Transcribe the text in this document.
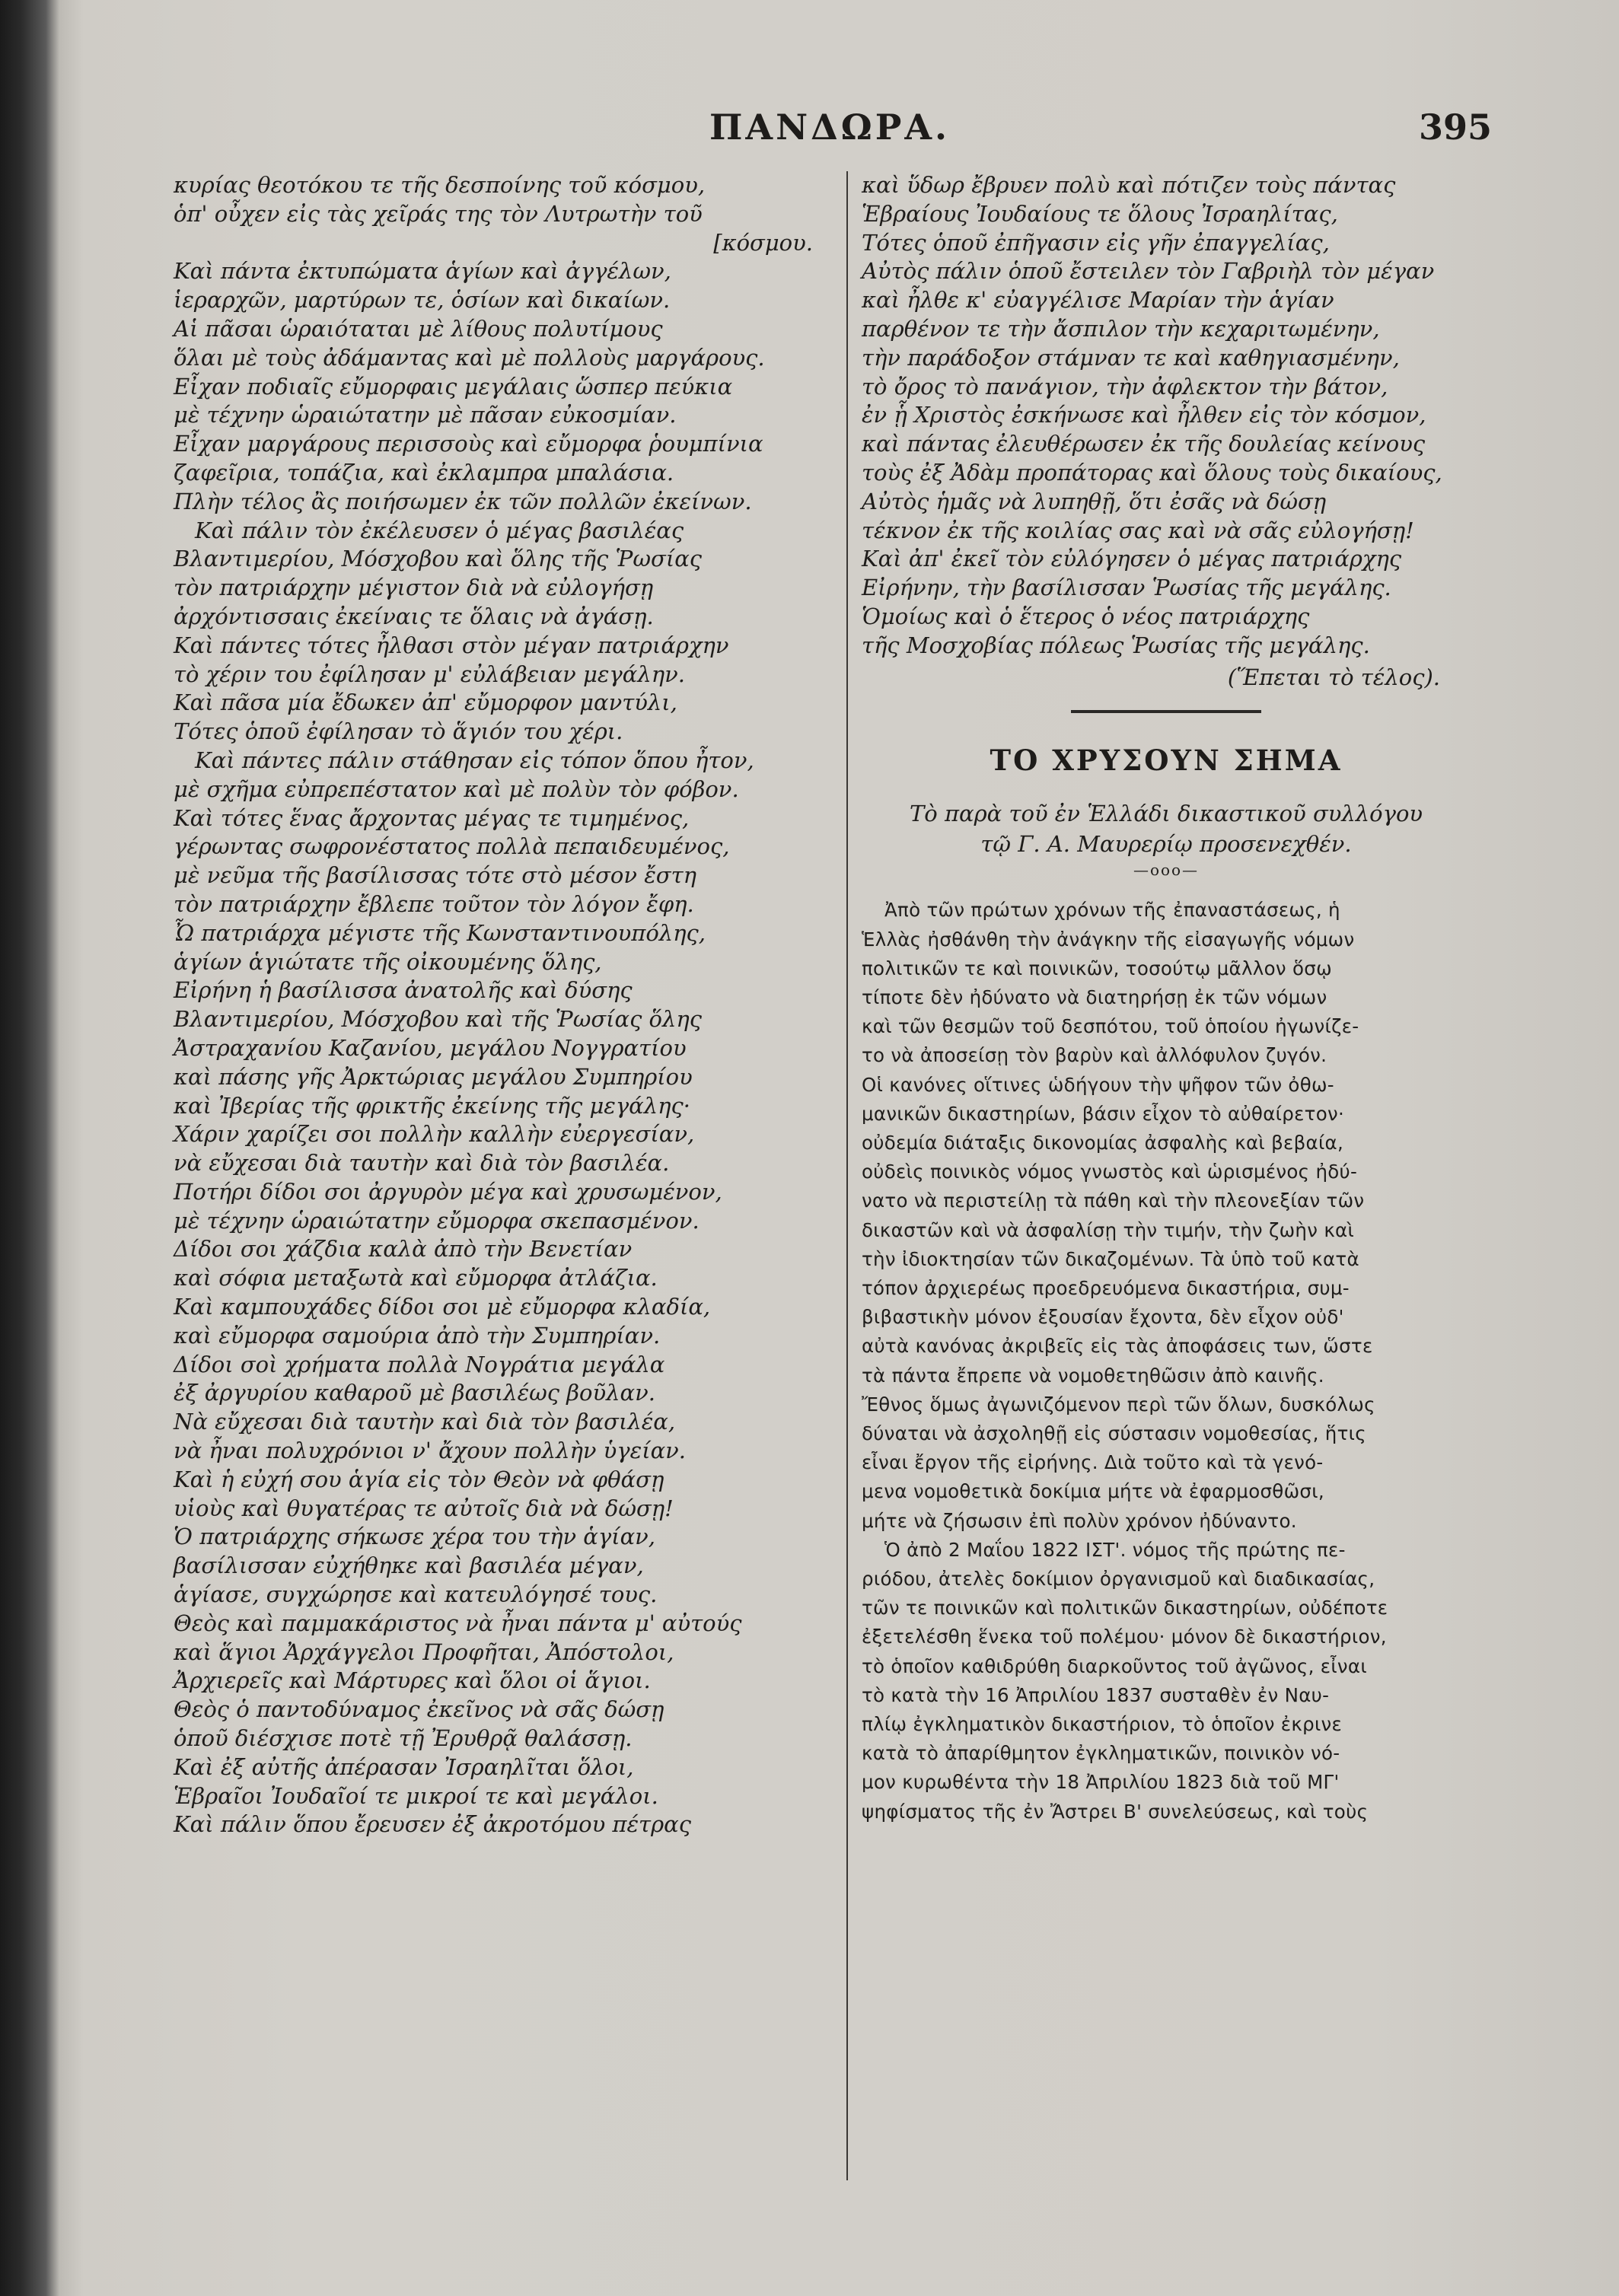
ΠΑΝΔΩΡΑ.	395

κυρίας θεοτόκου τε τῆς δεσποίνης τοῦ κόσμου,

ὁπ' οὖχεν εἰς τὰς χεῖράς της τὸν Λυτρωτὴν τοῦ

[κόσμου.

Καὶ πάντα ἐκτυπώματα ἁγίων καὶ ἀγγέλων,

ἱεραρχῶν, μαρτύρων τε, ὁσίων καὶ δικαίων.

Αἱ πᾶσαι ὡραιόταται μὲ λίθους πολυτίμους

ὅλαι μὲ τοὺς ἀδάμαντας καὶ μὲ πολλοὺς μαργάρους.

Εἶχαν ποδιαῖς εὔμορφαις μεγάλαις ὥσπερ πεύκια

μὲ τέχνην ὡραιώτατην μὲ πᾶσαν εὐκοσμίαν.

Εἶχαν μαργάρους περισσοὺς καὶ εὔμορφα ῥουμπίνια

ζαφεῖρια, τοπάζια, καὶ ἐκλαμπρα μπαλάσια.

Πλὴν τέλος ἂς ποιήσωμεν ἐκ τῶν πολλῶν ἐκείνων.

Καὶ πάλιν τὸν ἐκέλευσεν ὁ μέγας βασιλέας

Βλαντιμερίου, Μόσχοβου καὶ ὅλης τῆς Ῥωσίας

τὸν πατριάρχην μέγιστον διὰ νὰ εὐλογήσῃ

ἀρχόντισσαις ἐκείναις τε ὅλαις νὰ ἀγάσῃ.

Καὶ πάντες τότες ἦλθασι στὸν μέγαν πατριάρχην

τὸ χέριν του ἐφίλησαν μ' εὐλάβειαν μεγάλην.

Καὶ πᾶσα μία ἔδωκεν ἀπ' εὔμορφον μαντύλι,

Τότες ὁποῦ ἐφίλησαν τὸ ἅγιόν του χέρι.

Καὶ πάντες πάλιν στάθησαν εἰς τόπον ὅπου ἦτον,

μὲ σχῆμα εὐπρεπέστατον καὶ μὲ πολὺν τὸν φόβον.

Καὶ τότες ἕνας ἄρχοντας μέγας τε τιμημένος,

γέρωντας σωφρονέστατος πολλὰ πεπαιδευμένος,

μὲ νεῦμα τῆς βασίλισσας τότε στὸ μέσον ἔστη

τὸν πατριάρχην ἔβλεπε τοῦτον τὸν λόγον ἔφη.

Ὦ πατριάρχα μέγιστε τῆς Κωνσταντινουπόλης,

ἁγίων ἁγιώτατε τῆς οἰκουμένης ὅλης,

Εἰρήνη ἡ βασίλισσα ἀνατολῆς καὶ δύσης

Βλαντιμερίου, Μόσχοβου καὶ τῆς Ῥωσίας ὅλης

Ἀστραχανίου Καζανίου, μεγάλου Νογγρατίου

καὶ πάσης γῆς Ἀρκτώριας μεγάλου Συμπηρίου

καὶ Ἰβερίας τῆς φρικτῆς ἐκείνης τῆς μεγάλης·

Χάριν χαρίζει σοι πολλὴν καλλὴν εὐεργεσίαν,

νὰ εὔχεσαι διὰ ταυτὴν καὶ διὰ τὸν βασιλέα.

Ποτήρι δίδοι σοι ἀργυρὸν μέγα καὶ χρυσωμένον,

μὲ τέχνην ὡραιώτατην εὔμορφα σκεπασμένον.

Δίδοι σοι χάζδια καλὰ ἀπὸ τὴν Βενετίαν

καὶ σόφια μεταξωτὰ καὶ εὔμορφα ἀτλάζια.

Καὶ καμπουχάδες δίδοι σοι μὲ εὔμορφα κλαδία,

καὶ εὔμορφα σαμούρια ἀπὸ τὴν Συμπηρίαν.

Δίδοι σοὶ χρήματα πολλὰ Νογράτια μεγάλα

ἐξ ἀργυρίου καθαροῦ μὲ βασιλέως βοῦλαν.

Νὰ εὔχεσαι διὰ ταυτὴν καὶ διὰ τὸν βασιλέα,

νὰ ἦναι πολυχρόνιοι ν' ἄχουν πολλὴν ὑγείαν.

Καὶ ἡ εὐχή σου ἁγία εἰς τὸν Θεὸν νὰ φθάσῃ

υἱοὺς καὶ θυγατέρας τε αὐτοῖς διὰ νὰ δώσῃ!

Ὁ πατριάρχης σήκωσε χέρα του τὴν ἁγίαν,

βασίλισσαν εὐχήθηκε καὶ βασιλέα μέγαν,

ἁγίασε, συγχώρησε καὶ κατευλόγησέ τους.

Θεὸς καὶ παμμακάριστος νὰ ἦναι πάντα μ' αὐτούς

καὶ ἅγιοι Ἀρχάγγελοι Προφῆται, Ἀπόστολοι,

Ἀρχιερεῖς καὶ Μάρτυρες καὶ ὅλοι οἱ ἅγιοι.

Θεὸς ὁ παντοδύναμος ἐκεῖνος νὰ σᾶς δώσῃ

ὁποῦ διέσχισε ποτὲ τῇ Ἐρυθρᾷ θαλάσσῃ.

Καὶ ἐξ αὐτῆς ἀπέρασαν Ἰσραηλῖται ὅλοι,

Ἑβραῖοι Ἰουδαῖοί τε μικροί τε καὶ μεγάλοι.

Καὶ πάλιν ὅπου ἔρευσεν ἐξ ἀκροτόμου πέτρας

καὶ ὕδωρ ἔβρυεν πολὺ καὶ πότιζεν τοὺς πάντας

Ἑβραίους Ἰουδαίους τε ὅλους Ἰσραηλίτας,

Τότες ὁποῦ ἐπῆγασιν εἰς γῆν ἐπαγγελίας,

Αὐτὸς πάλιν ὁποῦ ἔστειλεν τὸν Γαβριὴλ τὸν μέγαν

καὶ ἦλθε κ' εὐαγγέλισε Μαρίαν τὴν ἁγίαν

παρθένον τε τὴν ἄσπιλον τὴν κεχαριτωμένην,

τὴν παράδοξον στάμναν τε καὶ καθηγιασμένην,

τὸ ὄρος τὸ πανάγιον, τὴν ἀφλεκτον τὴν βάτον,

ἐν ᾗ Χριστὸς ἐσκήνωσε καὶ ἦλθεν εἰς τὸν κόσμον,

καὶ πάντας ἐλευθέρωσεν ἐκ τῆς δουλείας κείνους

τοὺς ἐξ Ἀδὰμ προπάτορας καὶ ὅλους τοὺς δικαίους,

Αὐτὸς ἡμᾶς νὰ λυπηθῇ, ὅτι ἐσᾶς νὰ δώσῃ

τέκνον ἐκ τῆς κοιλίας σας καὶ νὰ σᾶς εὐλογήσῃ!

Καὶ ἀπ' ἐκεῖ τὸν εὐλόγησεν ὁ μέγας πατριάρχης

Εἰρήνην, τὴν βασίλισσαν Ῥωσίας τῆς μεγάλης.

Ὁμοίως καὶ ὁ ἕτερος ὁ νέος πατριάρχης

τῆς Μοσχοβίας πόλεως Ῥωσίας τῆς μεγάλης.

(Ἕπεται τὸ τέλος).

ΤΟ ΧΡΥΣΟΥΝ ΣΗΜΑ

Τὸ παρὰ τοῦ ἐν Ἑλλάδι δικαστικοῦ συλλόγου

τῷ Γ. Α. Μαυρερίῳ προσενεχθέν.

—οοο—

Ἀπὸ τῶν πρώτων χρόνων τῆς ἐπαναστάσεως, ἡ

Ἑλλὰς ἠσθάνθη τὴν ἀνάγκην τῆς εἰσαγωγῆς νόμων

πολιτικῶν τε καὶ ποινικῶν, τοσούτῳ μᾶλλον ὅσῳ

τίποτε δὲν ἠδύνατο νὰ διατηρήσῃ ἐκ τῶν νόμων

καὶ τῶν θεσμῶν τοῦ δεσπότου, τοῦ ὁποίου ἠγωνίζε-

το νὰ ἀποσείσῃ τὸν βαρὺν καὶ ἀλλόφυλον ζυγόν.

Οἱ κανόνες οἵτινες ὡδήγουν τὴν ψῆφον τῶν ὀθω-

μανικῶν δικαστηρίων, βάσιν εἶχον τὸ αὐθαίρετον·

οὐδεμία διάταξις δικονομίας ἀσφαλὴς καὶ βεβαία,

οὐδεὶς ποινικὸς νόμος γνωστὸς καὶ ὡρισμένος ἠδύ-

νατο νὰ περιστείλῃ τὰ πάθη καὶ τὴν πλεονεξίαν τῶν

δικαστῶν καὶ νὰ ἀσφαλίσῃ τὴν τιμήν, τὴν ζωὴν καὶ

τὴν ἰδιοκτησίαν τῶν δικαζομένων. Τὰ ὑπὸ τοῦ κατὰ

τόπον ἀρχιερέως προεδρευόμενα δικαστήρια, συμ-

βιβαστικὴν μόνον ἐξουσίαν ἔχοντα, δὲν εἶχον οὐδ'

αὐτὰ κανόνας ἀκριβεῖς εἰς τὰς ἀποφάσεις των, ὥστε

τὰ πάντα ἔπρεπε νὰ νομοθετηθῶσιν ἀπὸ καινῆς.

Ἔθνος ὅμως ἀγωνιζόμενον περὶ τῶν ὅλων, δυσκόλως

δύναται νὰ ἀσχοληθῇ εἰς σύστασιν νομοθεσίας, ἥτις

εἶναι ἔργον τῆς εἰρήνης. Διὰ τοῦτο καὶ τὰ γενό-

μενα νομοθετικὰ δοκίμια μήτε νὰ ἐφαρμοσθῶσι,

μήτε νὰ ζήσωσιν ἐπὶ πολὺν χρόνον ἠδύναντο.

Ὁ ἀπὸ 2 Μαΐου 1822 ΙΣΤ'. νόμος τῆς πρώτης πε-

ριόδου, ἀτελὲς δοκίμιον ὀργανισμοῦ καὶ διαδικασίας,

τῶν τε ποινικῶν καὶ πολιτικῶν δικαστηρίων, οὐδέποτε

ἐξετελέσθη ἕνεκα τοῦ πολέμου· μόνον δὲ δικαστήριον,

τὸ ὁποῖον καθιδρύθη διαρκοῦντος τοῦ ἀγῶνος, εἶναι

τὸ κατὰ τὴν 16 Ἀπριλίου 1837 συσταθὲν ἐν Ναυ-

πλίῳ ἐγκληματικὸν δικαστήριον, τὸ ὁποῖον ἐκρινε

κατὰ τὸ ἀπαρίθμητον ἐγκληματικῶν, ποινικὸν νό-

μον κυρωθέντα τὴν 18 Ἀπριλίου 1823 διὰ τοῦ ΜΓ'

ψηφίσματος τῆς ἐν Ἄστρει Β' συνελεύσεως, καὶ τοὺς
